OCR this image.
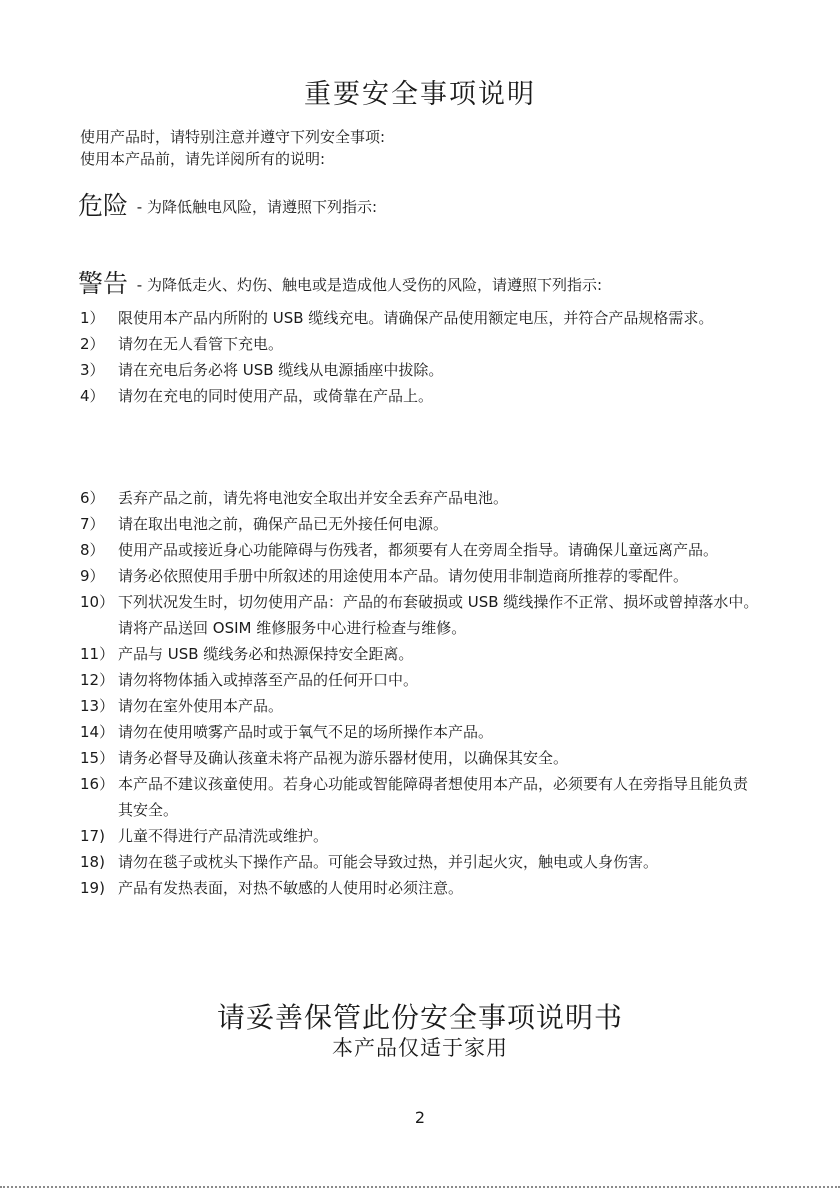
重要安全事项说明
使用产品时，请特别注意并遵守下列安全事项:
使用本产品前，请先详阅所有的说明:
危险 - 为降低触电风险，请遵照下列指示:
警告 - 为降低走火、灼伤、触电或是造成他人受伤的风险，请遵照下列指示:
1） 限使用本产品内所附的 USB 缆线充电。请确保产品使用额定电压，并符合产品规格需求。
2） 请勿在无人看管下充电。
3） 请在充电后务必将 USB 缆线从电源插座中拔除。
4） 请勿在充电的同时使用产品，或倚靠在产品上。
6） 丢弃产品之前，请先将电池安全取出并安全丢弃产品电池。
7） 请在取出电池之前，确保产品已无外接任何电源。
8） 使用产品或接近身心功能障碍与伤残者，都须要有人在旁周全指导。请确保儿童远离产品。
9） 请务必依照使用手册中所叙述的用途使用本产品。请勿使用非制造商所推荐的零配件。
10） 下列状况发生时，切勿使用产品：产品的布套破损或 USB 缆线操作不正常、损坏或曾掉落水中。请将产品送回 OSIM 维修服务中心进行检查与维修。
11） 产品与 USB 缆线务必和热源保持安全距离。
12） 请勿将物体插入或掉落至产品的任何开口中。
13） 请勿在室外使用本产品。
14） 请勿在使用喷雾产品时或于氧气不足的场所操作本产品。
15） 请务必督导及确认孩童未将产品视为游乐器材使用，以确保其安全。
16） 本产品不建议孩童使用。若身心功能或智能障碍者想使用本产品，必须要有人在旁指导且能负责其安全。
17) 儿童不得进行产品清洗或维护。
18) 请勿在毯子或枕头下操作产品。可能会导致过热，并引起火灾，触电或人身伤害。
19) 产品有发热表面，对热不敏感的人使用时必须注意。
请妥善保管此份安全事项说明书
本产品仅适于家用
2
